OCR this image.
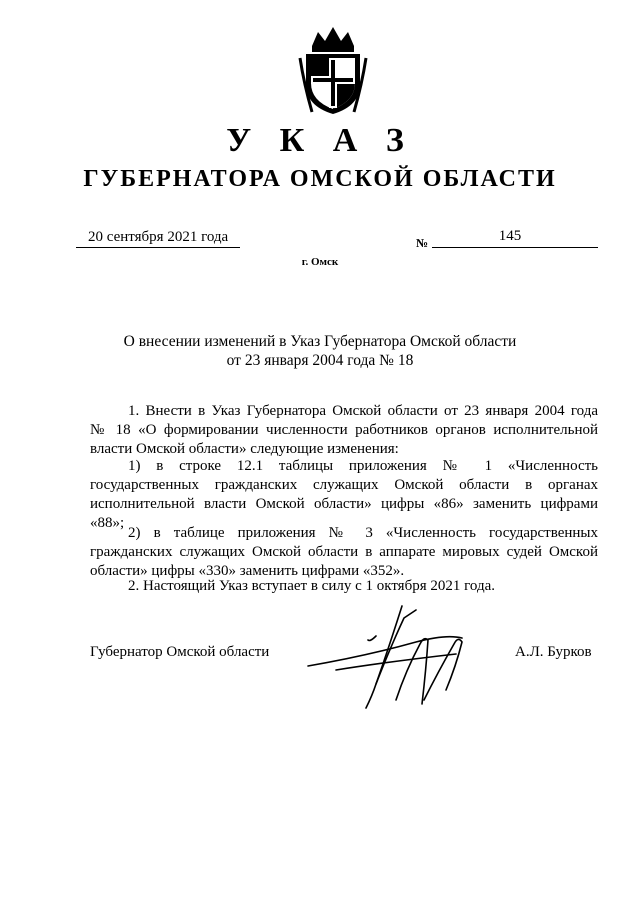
У К А З
ГУБЕРНАТОРА ОМСКОЙ ОБЛАСТИ
20 сентября 2021 года	№	145
г. Омск
О внесении изменений в Указ Губернатора Омской области
от 23 января 2004 года № 18
1. Внести в Указ Губернатора Омской области от 23 января 2004 года
№ 18 «О формировании численности работников органов исполнительной
власти Омской области» следующие изменения:
1) в строке 12.1 таблицы приложения № 1 «Численность
государственных гражданских служащих Омской области в органах
исполнительной власти Омской области» цифры «86» заменить цифрами
«88»;
2) в таблице приложения № 3 «Численность государственных
гражданских служащих Омской области в аппарате мировых судей Омской
области» цифры «330» заменить цифрами «352».
2. Настоящий Указ вступает в силу с 1 октября 2021 года.
Губернатор Омской области	А.Л. Бурков
